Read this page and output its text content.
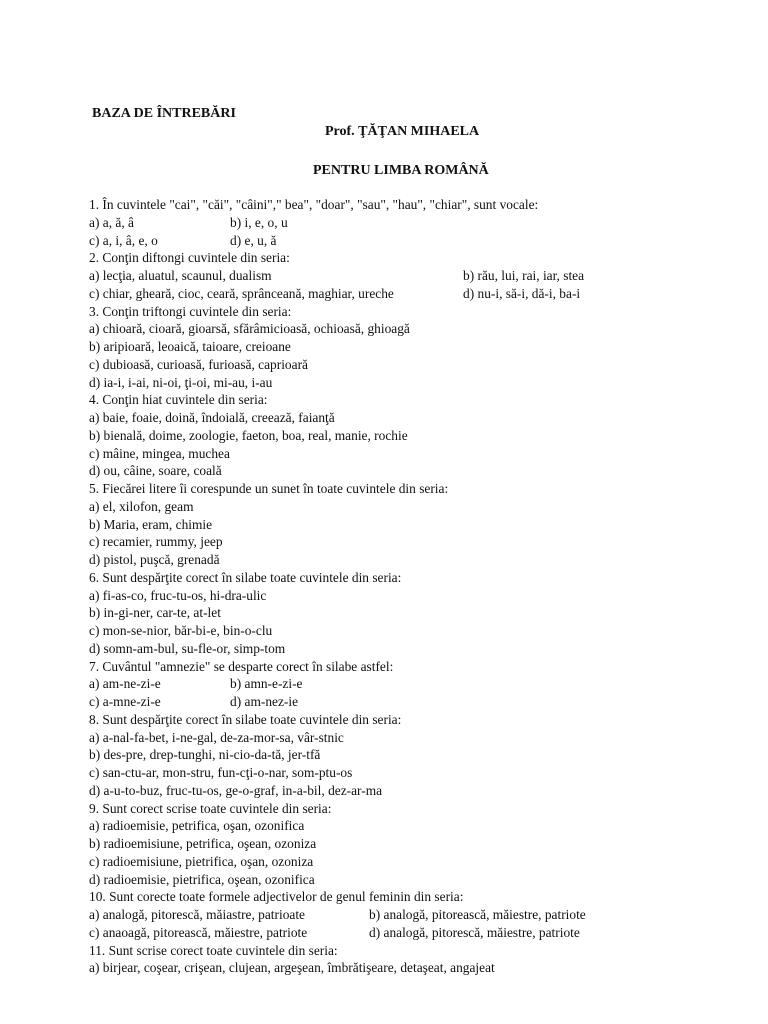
BAZA DE ÎNTREBĂRI
Prof. ŢĂŢAN MIHAELA
PENTRU LIMBA ROMÂNĂ
1. În cuvintele "cai", "căi", "câini"," bea", "doar", "sau", "hau", "chiar", sunt vocale:
a) a, ă, â	b) i, e, o, u
c) a, i, â, e, o	d) e, u, ă
2. Conţin diftongi cuvintele din seria:
a) lecţia, aluatul, scaunul, dualism	b) rău, lui, rai, iar, stea
c) chiar, gheară, cioc, ceară, sprânceană, maghiar, ureche	d) nu-i, să-i, dă-i, ba-i
3. Conţin triftongi cuvintele din seria:
a) chioară, cioară, gioarsă, sfărâmicioasă, ochioasă, ghioagă
b) aripioară, leoaică, taioare, creioane
c) dubioasă, curioasă, furioasă, caprioară
d) ia-i, i-ai, ni-oi, ţi-oi, mi-au, i-au
4. Conţin hiat cuvintele din seria:
a) baie, foaie, doină, îndoială, creează, faianţă
b) bienală, doime, zoologie, faeton, boa, real, manie, rochie
c) mâine, mingea, muchea
d) ou, câine, soare, coală
5. Fiecărei litere îi corespunde un sunet în toate cuvintele din seria:
a) el, xilofon, geam
b) Maria, eram, chimie
c) recamier, rummy, jeep
d) pistol, puşcă, grenadă
6. Sunt despărţite corect în silabe toate cuvintele din seria:
a) fi-as-co, fruc-tu-os, hi-dra-ulic
b) in-gi-ner, car-te, at-let
c) mon-se-nior, băr-bi-e, bin-o-clu
d) somn-am-bul, su-fle-or, simp-tom
7. Cuvântul "amnezie" se desparte corect în silabe astfel:
a) am-ne-zi-e	b) amn-e-zi-e
c) a-mne-zi-e	d) am-nez-ie
8. Sunt despărţite corect în silabe toate cuvintele din seria:
a) a-nal-fa-bet, i-ne-gal, de-za-mor-sa, vâr-stnic
b) des-pre, drep-tunghi, ni-cio-da-tă, jer-tfă
c) san-ctu-ar, mon-stru, fun-cţi-o-nar, som-ptu-os
d) a-u-to-buz, fruc-tu-os, ge-o-graf, in-a-bil, dez-ar-ma
9. Sunt corect scrise toate cuvintele din seria:
a) radioemisie, petrifica, oşan, ozonifica
b) radioemisiune, petrifica, oşean, ozoniza
c) radioemisiune, pietrifica, oşan, ozoniza
d) radioemisie, pietrifica, oşean, ozonifica
10. Sunt corecte toate formele adjectivelor de genul feminin din seria:
a) analogă, pitorescă, măiastre, patrioate	b) analogă, pitorească, măiestre, patriote
c) anaoagă, pitorească, măiestre, patriote	d) analogă, pitorescă, măiestre, patriote
11. Sunt scrise corect toate cuvintele din seria:
a) birjear, coşear, crişean, clujean, argeşean, îmbrătişeare, detaşeat, angajeat
